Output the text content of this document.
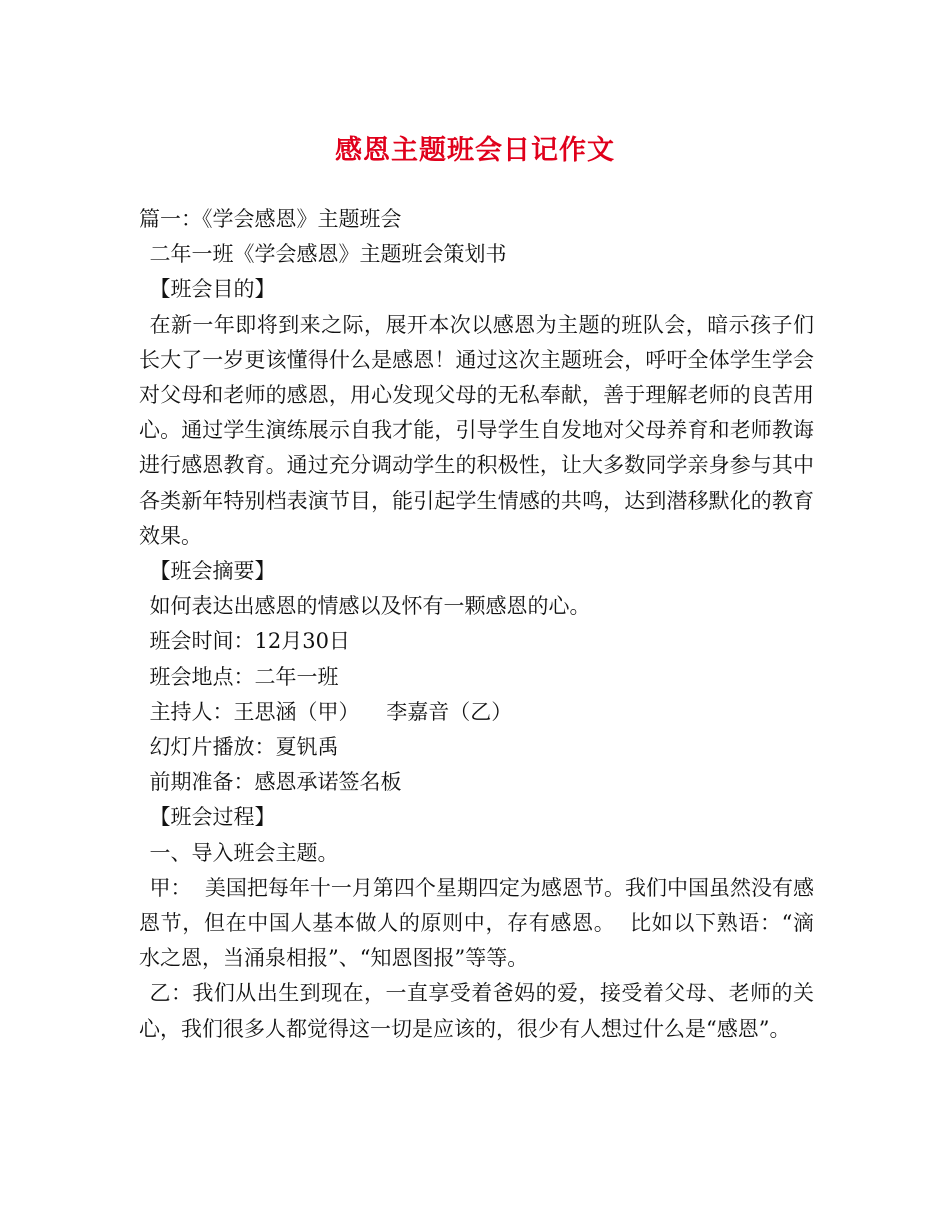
感恩主题班会日记作文

篇一：《学会感恩》主题班会

二年一班《学会感恩》主题班会策划书

【班会目的】

在新一年即将到来之际，展开本次以感恩为主题的班队会，暗示孩子们长大了一岁更该懂得什么是感恩！通过这次主题班会，呼吁全体学生学会对父母和老师的感恩，用心发现父母的无私奉献，善于理解老师的良苦用心。通过学生演练展示自我才能，引导学生自发地对父母养育和老师教诲进行感恩教育。通过充分调动学生的积极性，让大多数同学亲身参与其中各类新年特别档表演节目，能引起学生情感的共鸣，达到潜移默化的教育效果。

【班会摘要】

如何表达出感恩的情感以及怀有一颗感恩的心。

班会时间：12月30日

班会地点：二年一班

主持人：王思涵（甲）    李嘉音（乙）

幻灯片播放：夏钒禹

前期准备：感恩承诺签名板

【班会过程】

一、导入班会主题。

甲：  美国把每年十一月第四个星期四定为感恩节。我们中国虽然没有感恩节，但在中国人基本做人的原则中，存有感恩。  比如以下熟语：“滴水之恩，当涌泉相报”、“知恩图报”等等。

乙：我们从出生到现在，一直享受着爸妈的爱，接受着父母、老师的关心，我们很多人都觉得这一切是应该的，很少有人想过什么是“感恩”。
